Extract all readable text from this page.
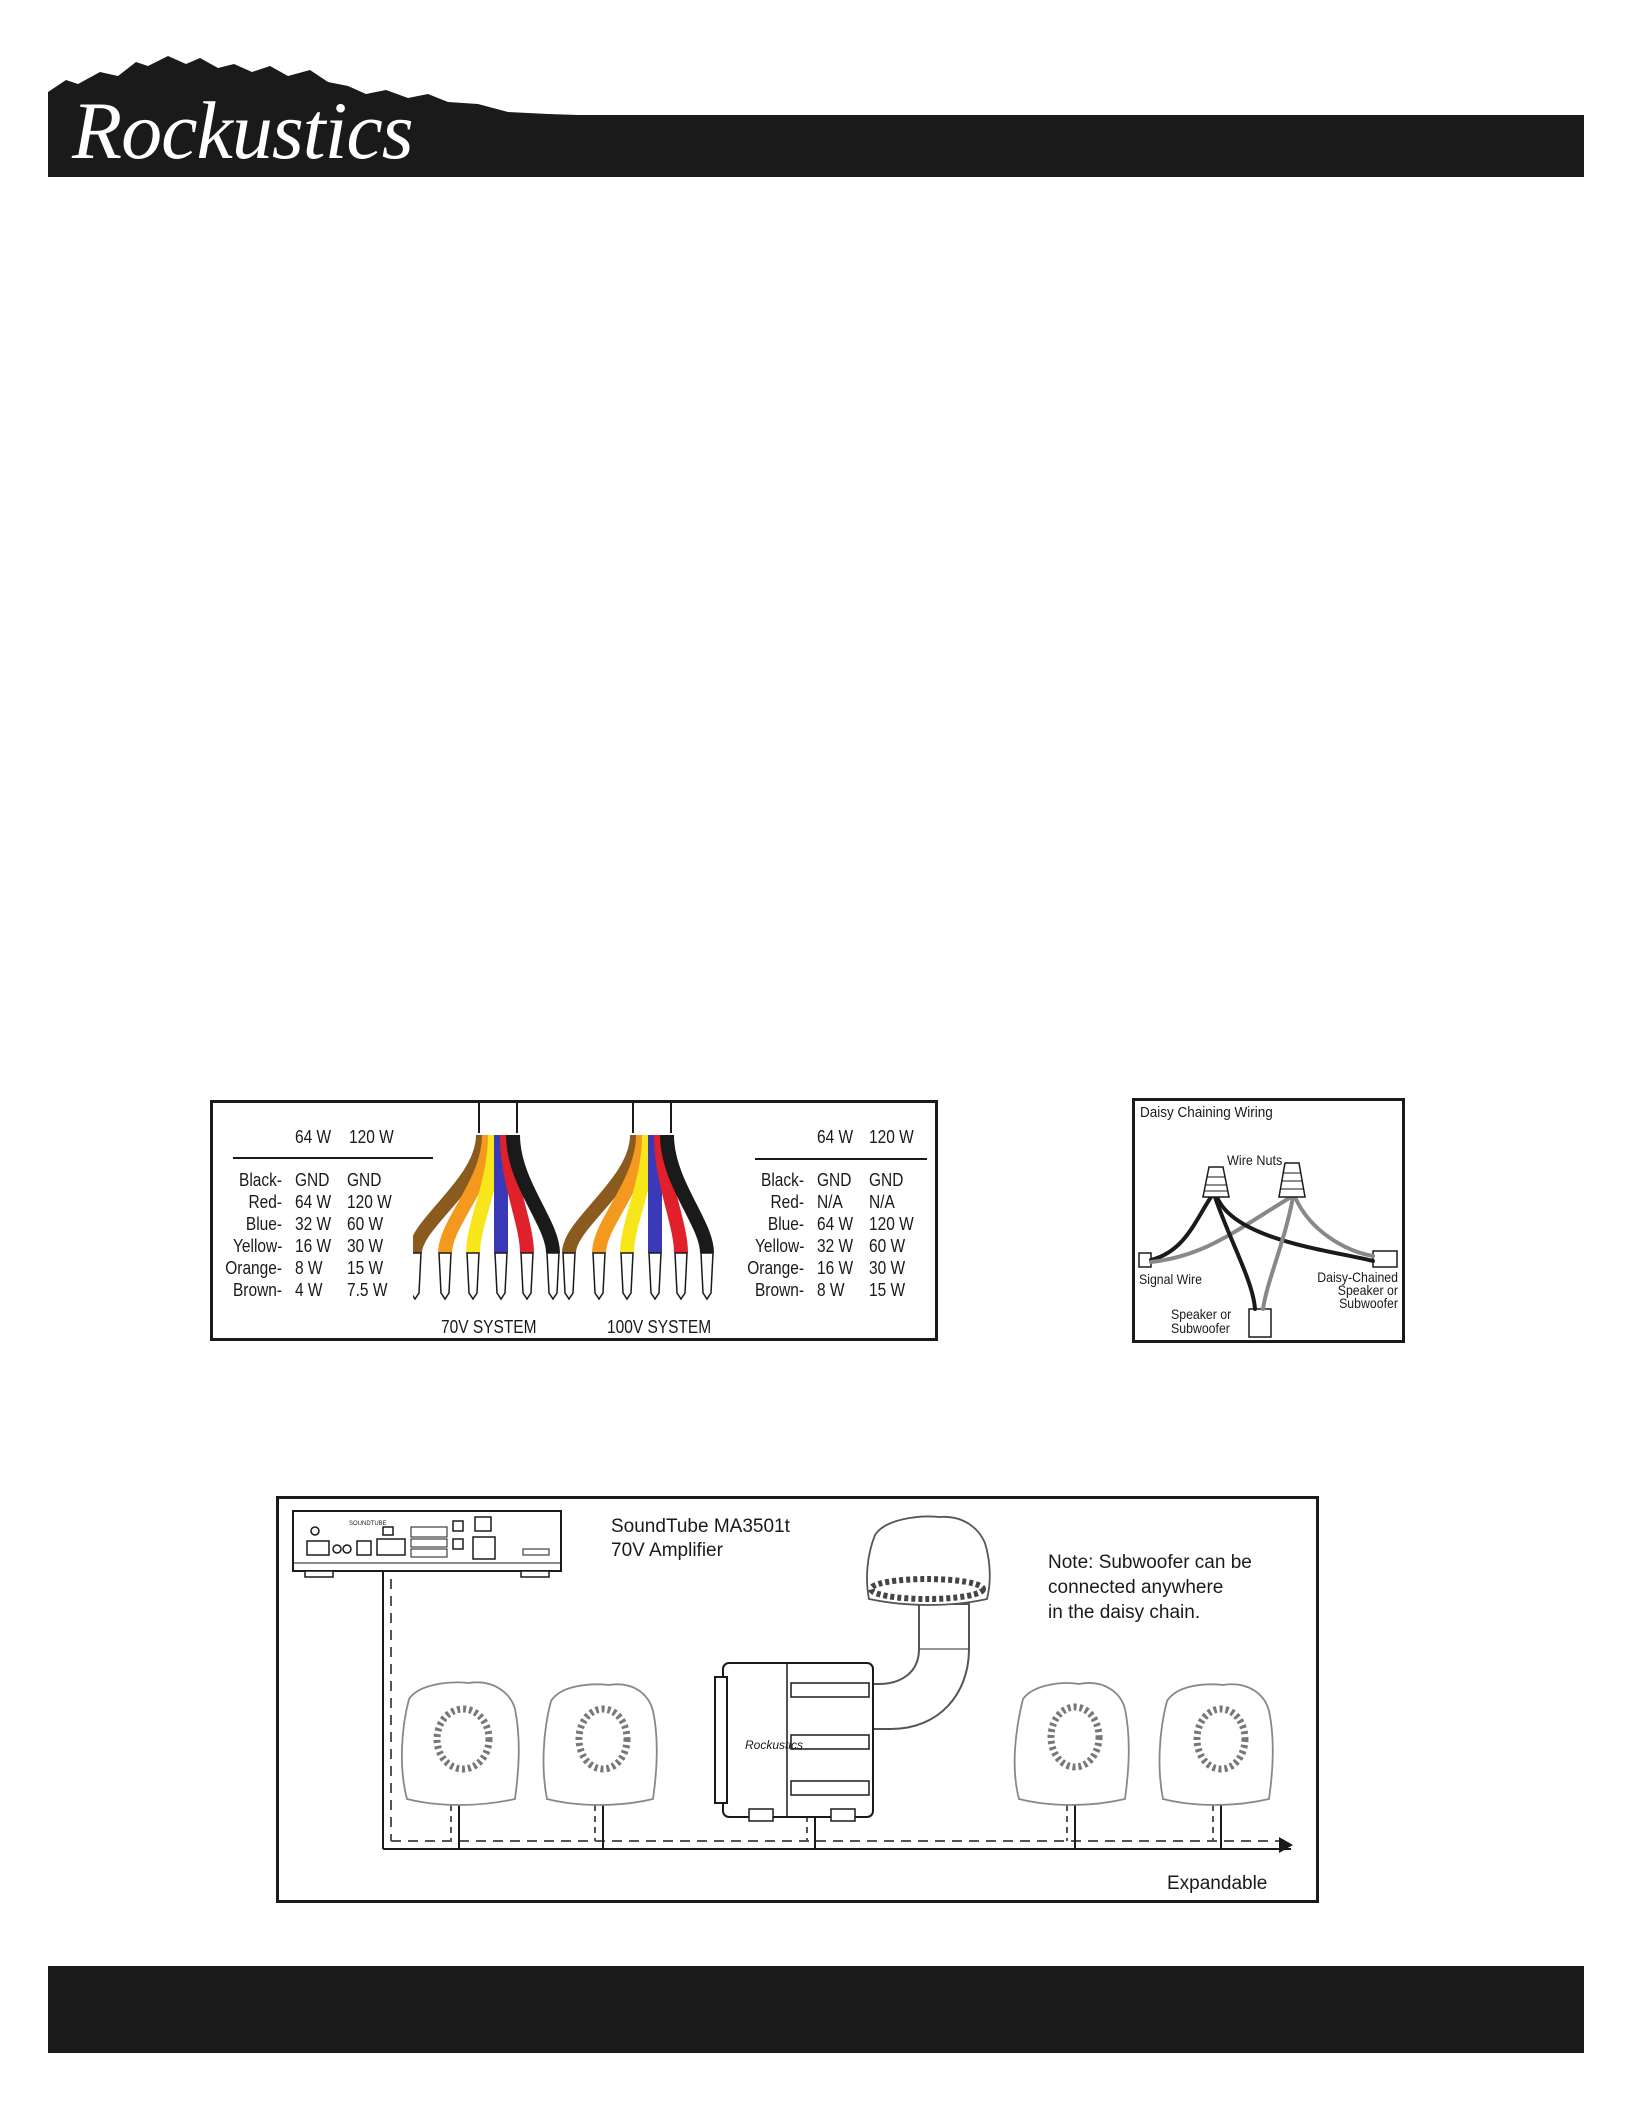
Rockustics
64 W 120 W
Black- GND GND
Red- 64 W 120 W
Blue- 32 W 60 W
Yellow- 16 W 30 W
Orange- 8 W 15 W
Brown- 4 W 7.5 W
64 W 120 W
Black- GND GND
Red- N/A N/A
Blue- 64 W 120 W
Yellow- 32 W 60 W
Orange- 16 W 30 W
Brown- 8 W 15 W
70V SYSTEM	100V SYSTEM
Daisy Chaining Wiring
Wire Nuts
Signal Wire	Daisy-Chained
Speaker or
Subwoofer
Speaker or
Subwoofer
SOUNDTUBE	SoundTube MA3501t
70V Amplifier
Note: Subwoofer can be
connected anywhere
in the daisy chain.
Rockustics
Expandable
